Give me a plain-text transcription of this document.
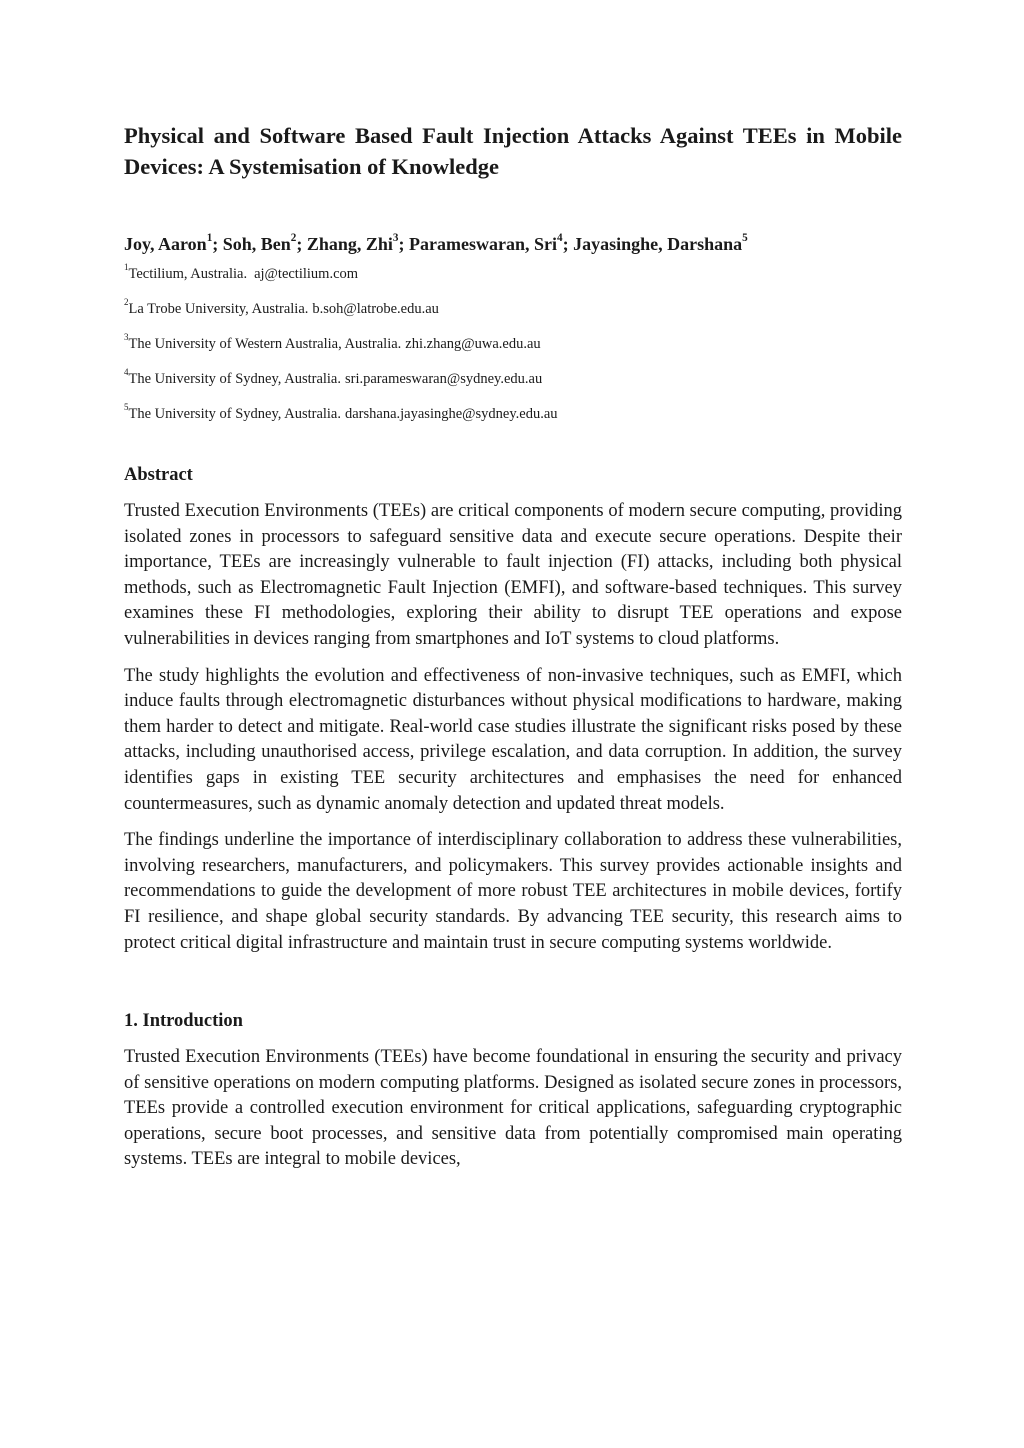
Physical and Software Based Fault Injection Attacks Against TEEs in Mobile Devices: A Systemisation of Knowledge
Joy, Aaron$^1$; Soh, Ben$^2$; Zhang, Zhi$^3$; Parameswaran, Sri$^4$; Jayasinghe, Darshana$^5$

$^1$Tectilium, Australia. aj@tectilium.com

$^2$La Trobe University, Australia. b.soh@latrobe.edu.au

$^3$The University of Western Australia, Australia. zhi.zhang@uwa.edu.au

$^4$The University of Sydney, Australia. sri.parameswaran@sydney.edu.au

$^5$The University of Sydney, Australia. darshana.jayasinghe@sydney.edu.au

Abstract

Trusted Execution Environments (TEEs) are critical components of modern secure computing, providing isolated zones in processors to safeguard sensitive data and execute secure operations. Despite their importance, TEEs are increasingly vulnerable to fault injection (FI) attacks, including both physical methods, such as Electromagnetic Fault Injection (EMFI), and software-based techniques. This survey examines these FI methodologies, exploring their ability to disrupt TEE operations and expose vulnerabilities in devices ranging from smartphones and IoT systems to cloud platforms.

The study highlights the evolution and effectiveness of non-invasive techniques, such as EMFI, which induce faults through electromagnetic disturbances without physical modifications to hardware, making them harder to detect and mitigate. Real-world case studies illustrate the significant risks posed by these attacks, including unauthorised access, privilege escalation, and data corruption. In addition, the survey identifies gaps in existing TEE security architectures and emphasises the need for enhanced countermeasures, such as dynamic anomaly detection and updated threat models.

The findings underline the importance of interdisciplinary collaboration to address these vulnerabilities, involving researchers, manufacturers, and policymakers. This survey provides actionable insights and recommendations to guide the development of more robust TEE architectures in mobile devices, fortify FI resilience, and shape global security standards. By advancing TEE security, this research aims to protect critical digital infrastructure and maintain trust in secure computing systems worldwide.

1. Introduction

Trusted Execution Environments (TEEs) have become foundational in ensuring the security and privacy of sensitive operations on modern computing platforms. Designed as isolated secure zones in processors, TEEs provide a controlled execution environment for critical applications, safeguarding cryptographic operations, secure boot processes, and sensitive data from potentially compromised main operating systems. TEEs are integral to mobile devices,
